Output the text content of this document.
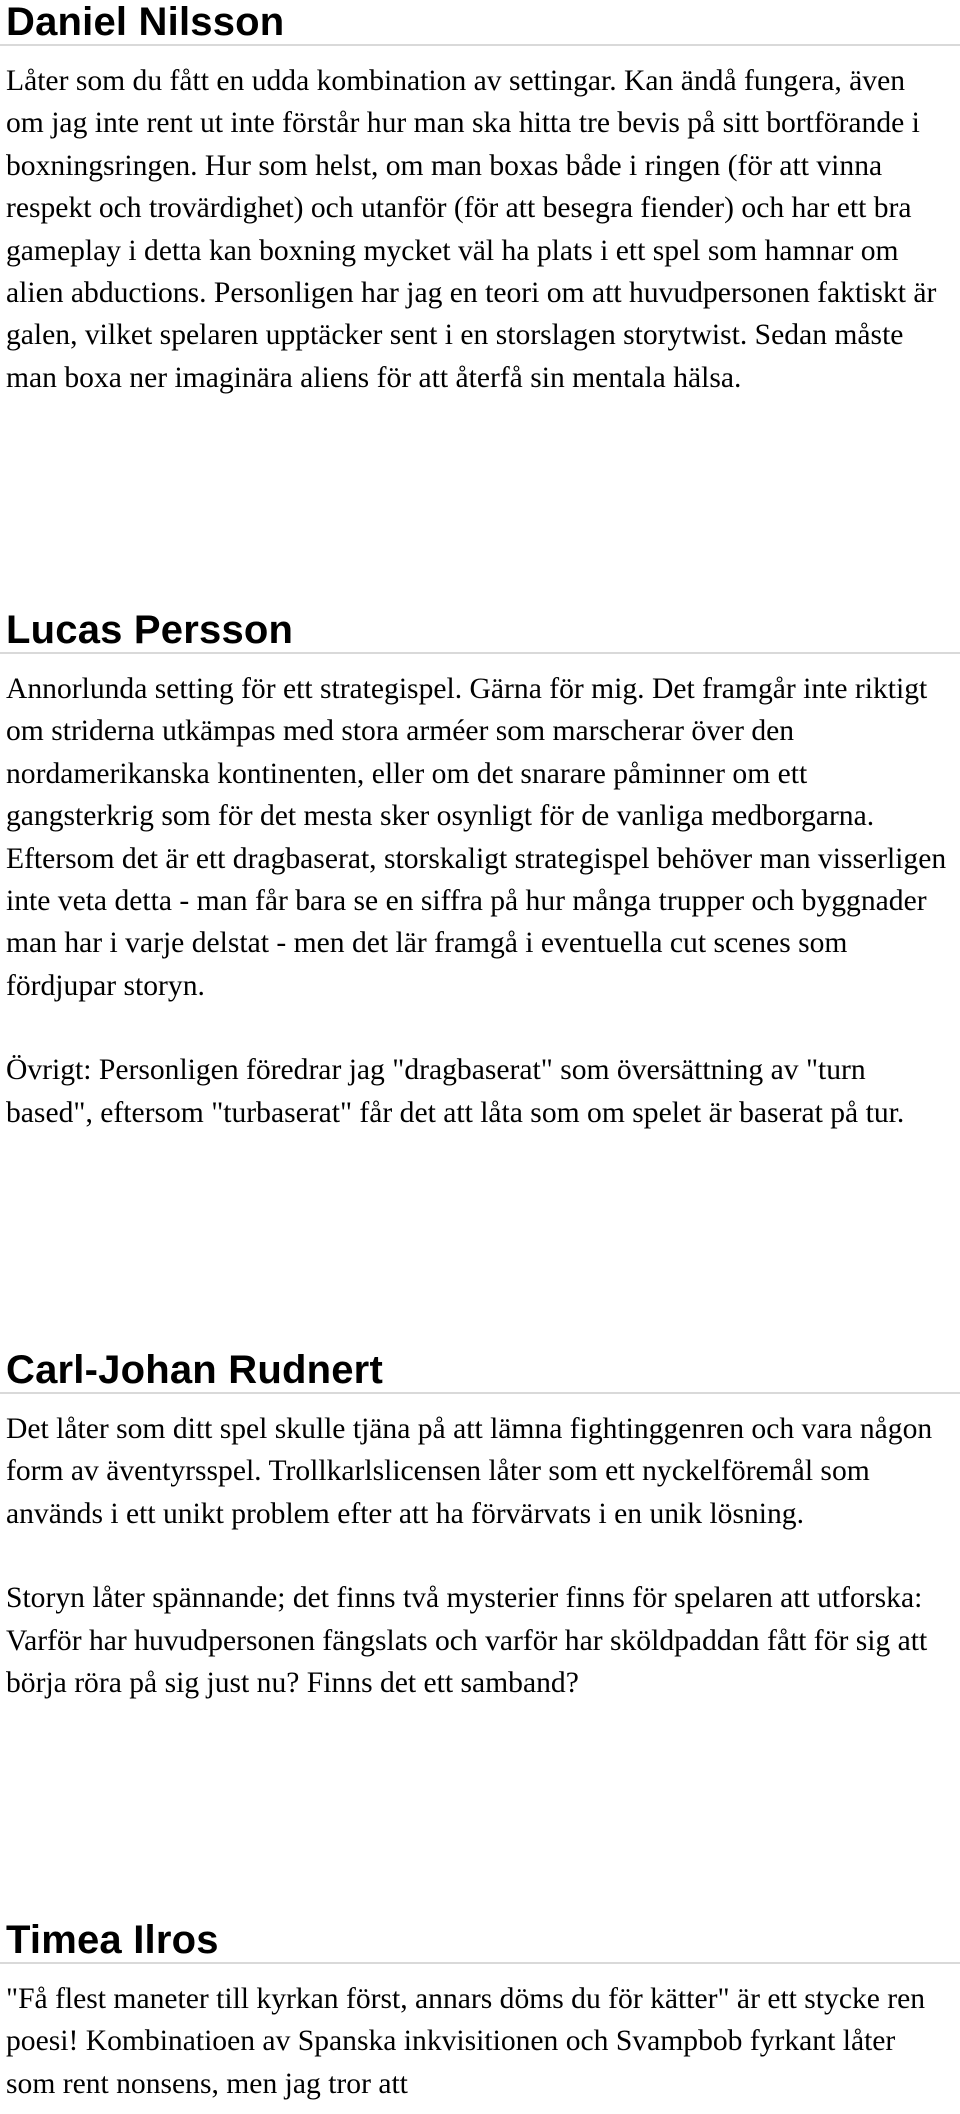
Daniel Nilsson

Låter som du fått en udda kombination av settingar. Kan ändå fungera, även om jag inte rent ut inte förstår hur man ska hitta tre bevis på sitt bortförande i boxningsringen. Hur som helst, om man boxas både i ringen (för att vinna respekt och trovärdighet) och utanför (för att besegra fiender) och har ett bra gameplay i detta kan boxning mycket väl ha plats i ett spel som hamnar om alien abductions. Personligen har jag en teori om att huvudpersonen faktiskt är galen, vilket spelaren upptäcker sent i en storslagen storytwist. Sedan måste man boxa ner imaginära aliens för att återfå sin mentala hälsa.

Lucas Persson

Annorlunda setting för ett strategispel. Gärna för mig. Det framgår inte riktigt om striderna utkämpas med stora arméer som marscherar över den nordamerikanska kontinenten, eller om det snarare påminner om ett gangsterkrig som för det mesta sker osynligt för de vanliga medborgarna. Eftersom det är ett dragbaserat, storskaligt strategispel behöver man visserligen inte veta detta - man får bara se en siffra på hur många trupper och byggnader man har i varje delstat - men det lär framgå i eventuella cut scenes som fördjupar storyn.

Övrigt: Personligen föredrar jag "dragbaserat" som översättning av "turn based", eftersom "turbaserat" får det att låta som om spelet är baserat på tur.

Carl-Johan Rudnert

Det låter som ditt spel skulle tjäna på att lämna fightinggenren och vara någon form av äventyrsspel. Trollkarlslicensen låter som ett nyckelföremål som används i ett unikt problem efter att ha förvärvats i en unik lösning.

Storyn låter spännande; det finns två mysterier finns för spelaren att utforska: Varför har huvudpersonen fängslats och varför har sköldpaddan fått för sig att börja röra på sig just nu? Finns det ett samband?

Timea Ilros

"Få flest maneter till kyrkan först, annars döms du för kätter" är ett stycke ren poesi! Kombinatioen av Spanska inkvisitionen och Svampbob fyrkant låter som rent nonsens, men jag tror att
